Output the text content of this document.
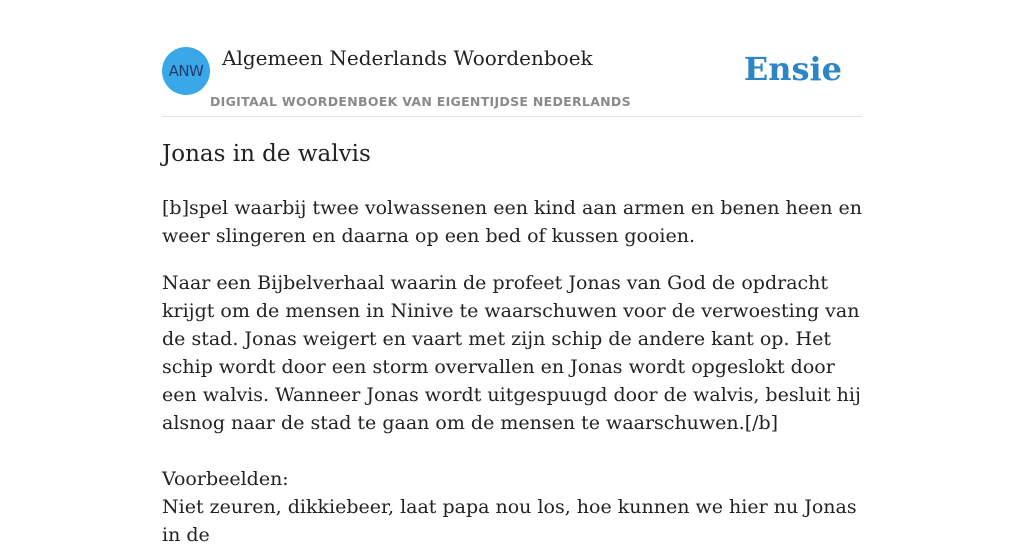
ANW
Algemeen Nederlands Woordenboek
DIGITAAL WOORDENBOEK VAN EIGENTIJDSE NEDERLANDS
Ensie
Jonas in de walvis

[b]spel waarbij twee volwassenen een kind aan armen en benen heen en weer slingeren en daarna op een bed of kussen gooien.

Naar een Bijbelverhaal waarin de profeet Jonas van God de opdracht krijgt om de mensen in Ninive te waarschuwen voor de verwoesting van de stad. Jonas weigert en vaart met zijn schip de andere kant op. Het schip wordt door een storm overvallen en Jonas wordt opgeslokt door een walvis. Wanneer Jonas wordt uitgespuugd door de walvis, besluit hij alsnog naar de stad te gaan om de mensen te waarschuwen.[/b]

Voorbeelden:

Niet zeuren, dikkiebeer, laat papa nou los, hoe kunnen we hier nu Jonas in de
